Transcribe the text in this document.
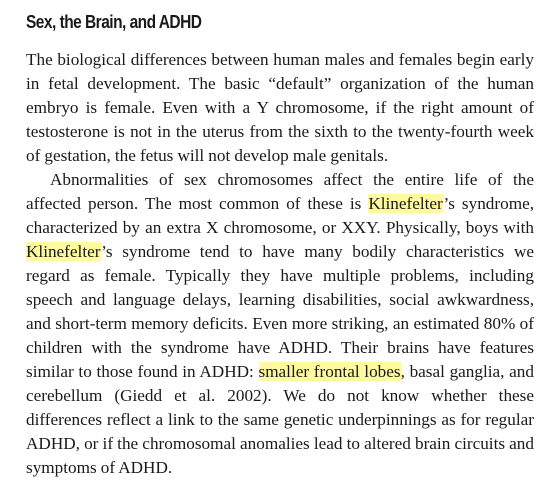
Sex, the Brain, and ADHD

The biological differences between human males and females begin early in fetal development. The basic “default” organization of the human embryo is female. Even with a Y chromosome, if the right amount of testosterone is not in the uterus from the sixth to the twenty-fourth week of gestation, the fetus will not develop male genitals.

Abnormalities of sex chromosomes affect the entire life of the affected person. The most common of these is Klinefelter’s syndrome, characterized by an extra X chromosome, or XXY. Physically, boys with Klinefelter’s syndrome tend to have many bodily characteristics we regard as female. Typically they have multiple problems, including speech and language delays, learning disabilities, social awkwardness, and short-term memory deficits. Even more striking, an estimated 80% of children with the syndrome have ADHD. Their brains have features similar to those found in ADHD: smaller frontal lobes, basal ganglia, and cerebellum (Giedd et al. 2002). We do not know whether these differences reflect a link to the same genetic underpinnings as for regular ADHD, or if the chromosomal anomalies lead to altered brain circuits and symptoms of ADHD.
